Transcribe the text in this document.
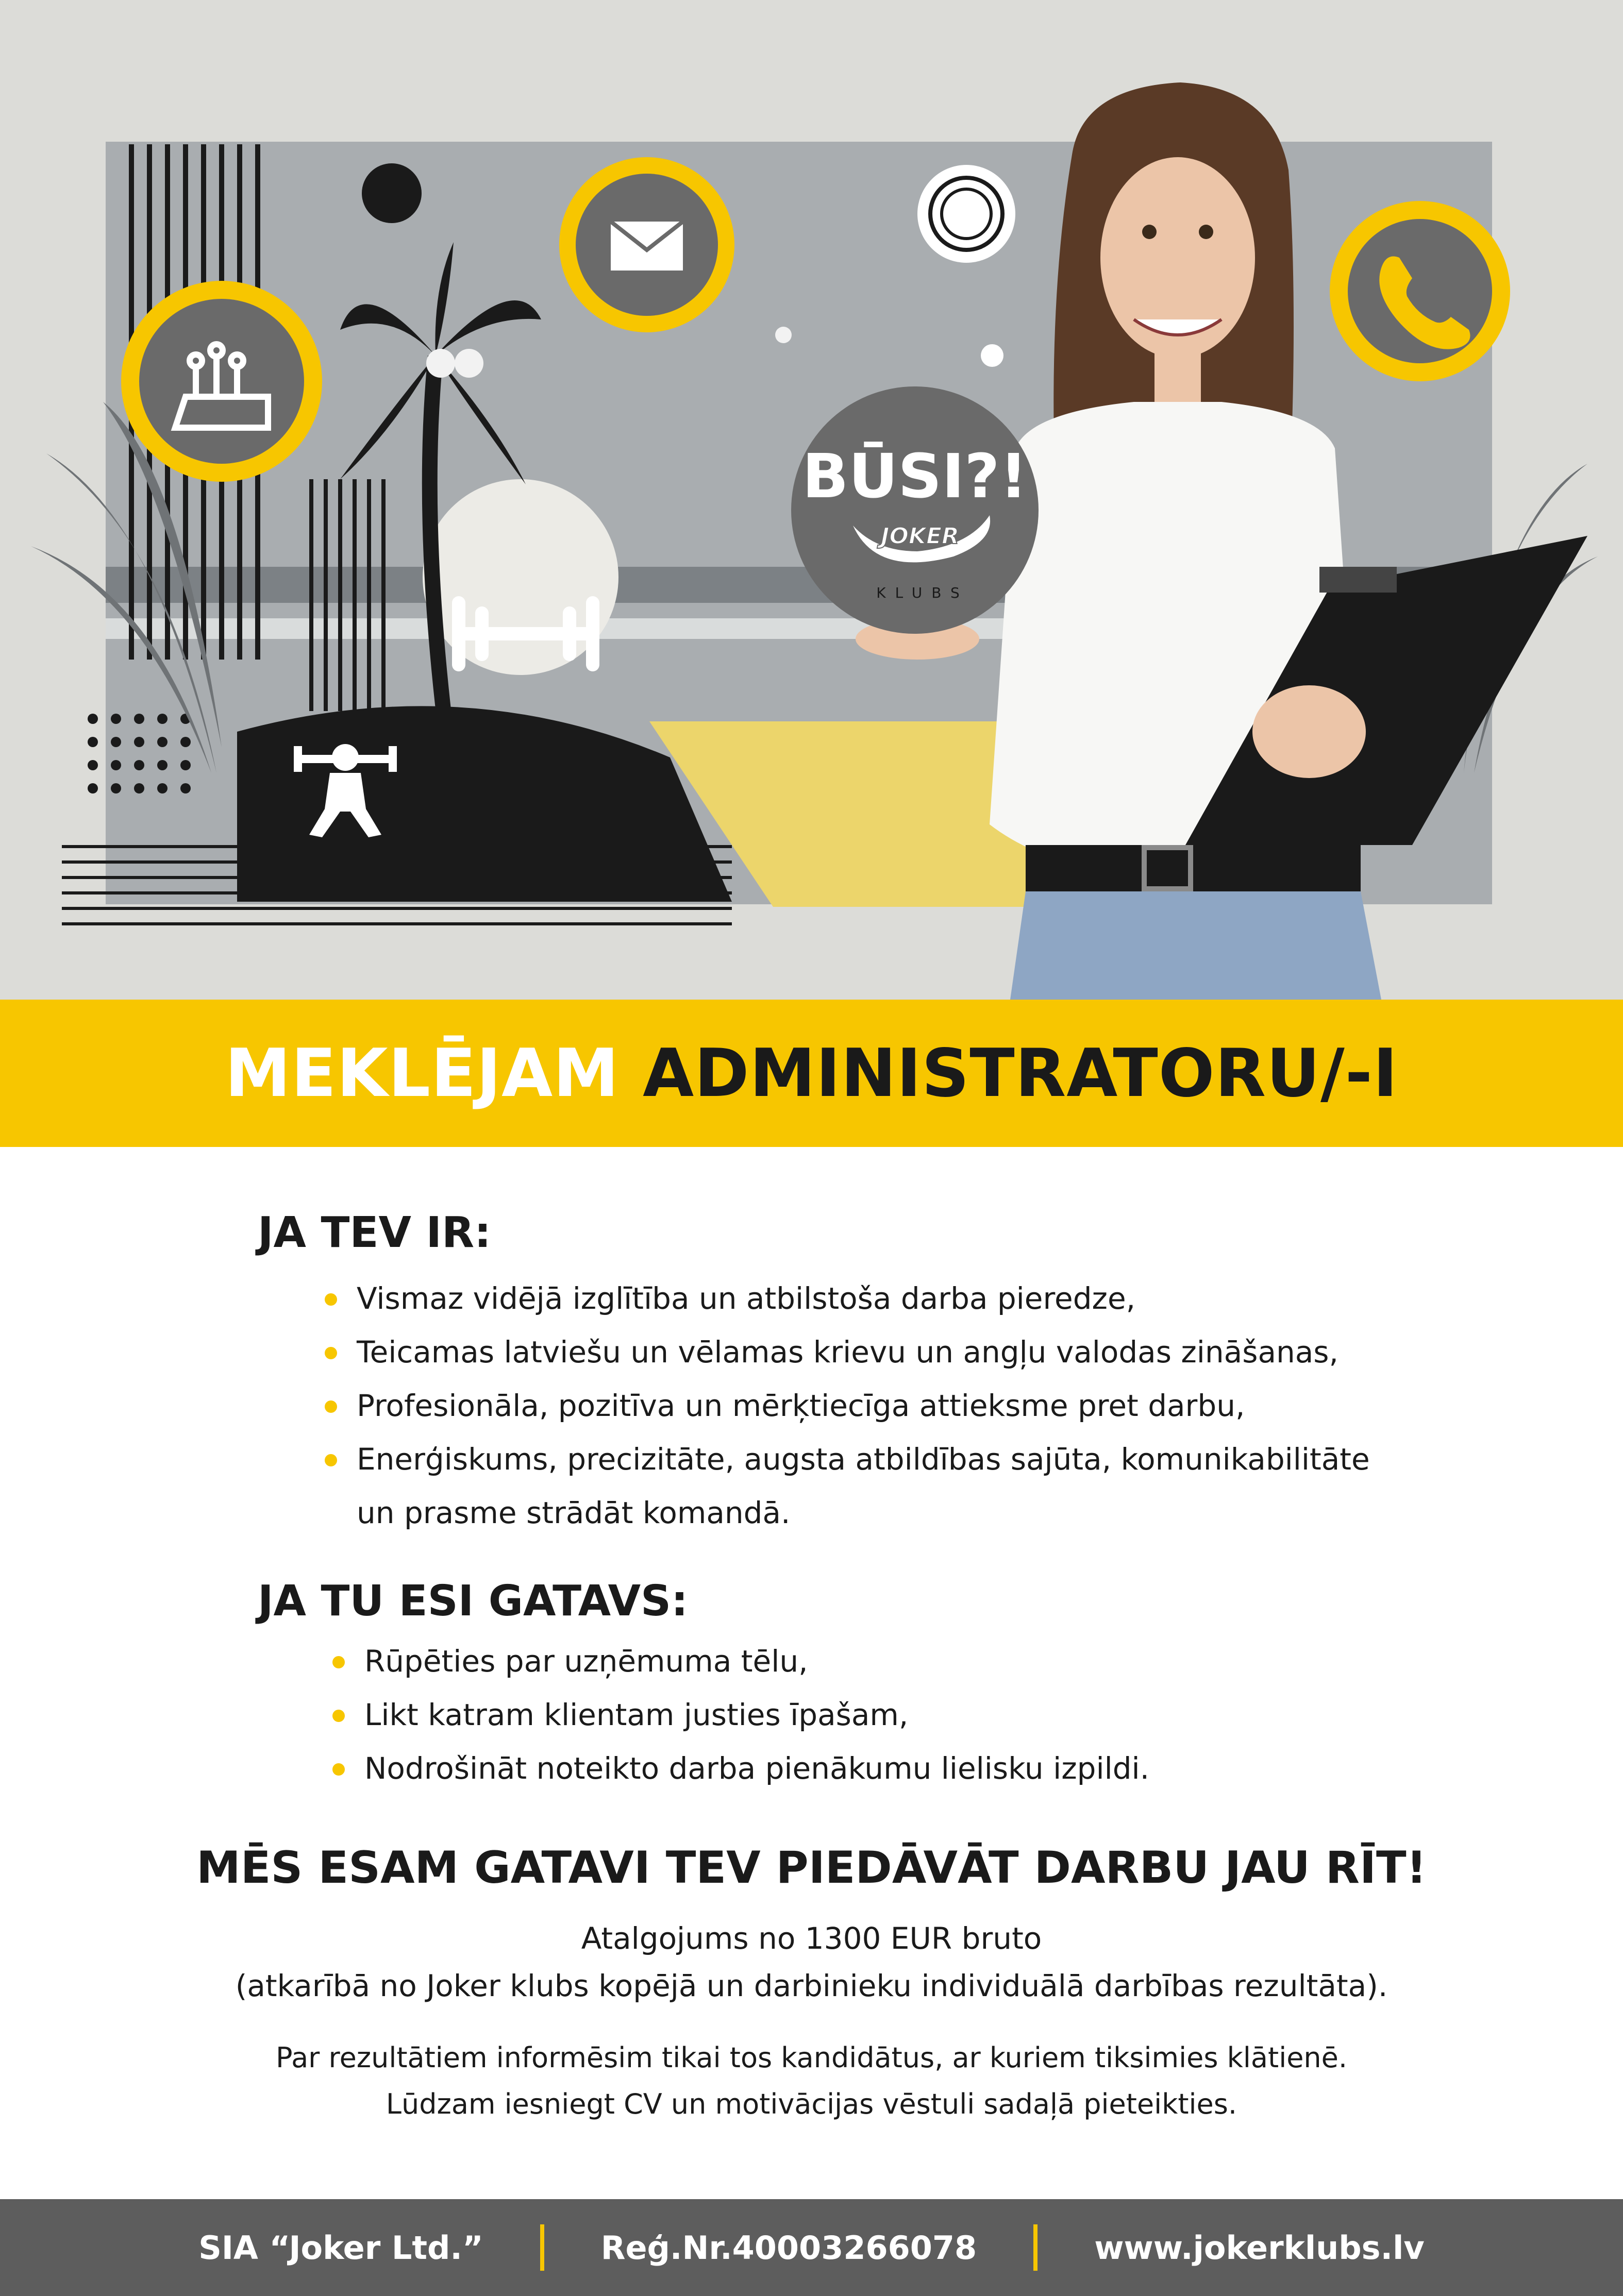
BŪSI?!
JOKER
KLUBS
MEKLĒJAM ADMINISTRATORU/-I
JA TEV IR:
Vismaz vidējā izglītība un atbilstoša darba pieredze,
Teicamas latviešu un vēlamas krievu un angļu valodas zināšanas,
Profesionāla, pozitīva un mērķtiecīga attieksme pret darbu,
Enerģiskums, precizitāte, augsta atbildības sajūta, komunikabilitāte
un prasme strādāt komandā.
JA TU ESI GATAVS:
Rūpēties par uzņēmuma tēlu,
Likt katram klientam justies īpašam,
Nodrošināt noteikto darba pienākumu lielisku izpildi.
MĒS ESAM GATAVI TEV PIEDĀVĀT DARBU JAU RĪT!
Atalgojums no 1300 EUR bruto
(atkarībā no Joker klubs kopējā un darbinieku individuālā darbības rezultāta).
Par rezultātiem informēsim tikai tos kandidātus, ar kuriem tiksimies klātienē.
Lūdzam iesniegt CV un motivācijas vēstuli sadaļā pieteikties.
SIA “Joker Ltd.”	Reģ.Nr.40003266078	www.jokerklubs.lv
